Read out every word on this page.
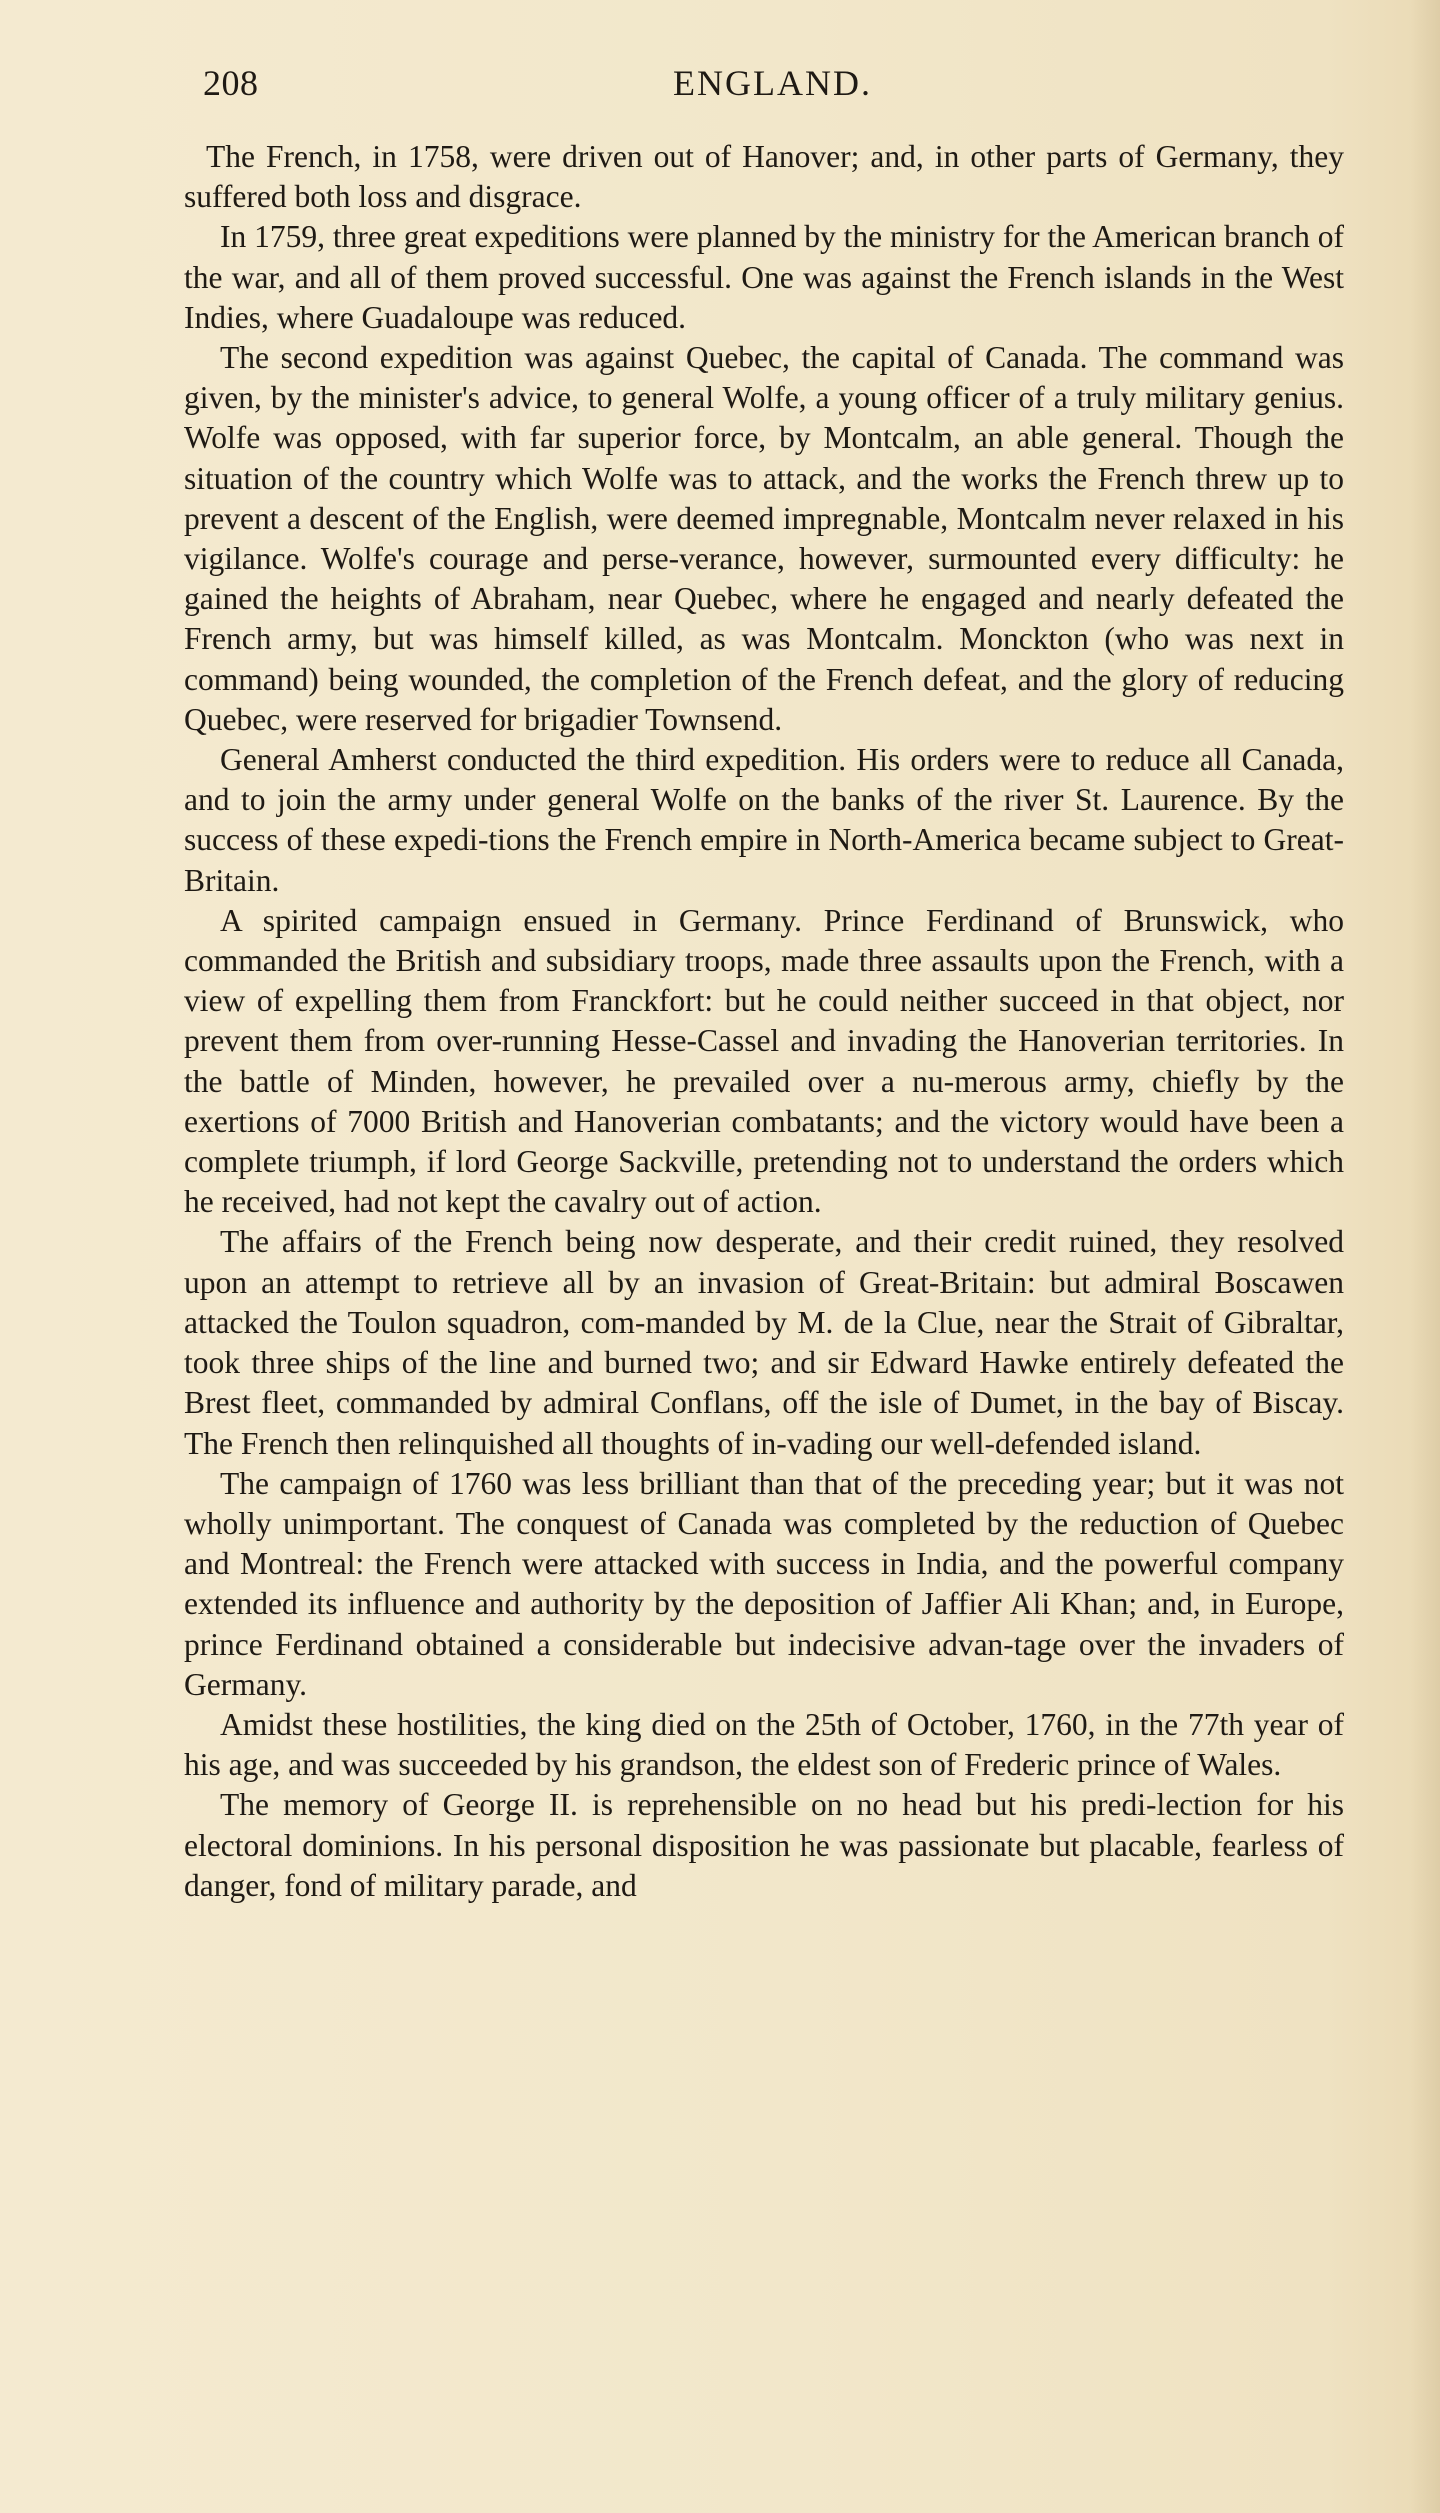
208	ENGLAND.

The French, in 1758, were driven out of Hanover; and, in other parts of Germany, they suffered both loss and disgrace.

In 1759, three great expeditions were planned by the ministry for the American branch of the war, and all of them proved successful. One was against the French islands in the West Indies, where Guadaloupe was reduced.

The second expedition was against Quebec, the capital of Canada. The command was given, by the minister's advice, to general Wolfe, a young officer of a truly military genius. Wolfe was opposed, with far superior force, by Montcalm, an able general. Though the situation of the country which Wolfe was to attack, and the works the French threw up to prevent a descent of the English, were deemed impregnable, Montcalm never relaxed in his vigilance. Wolfe's courage and perse-verance, however, surmounted every difficulty: he gained the heights of Abraham, near Quebec, where he engaged and nearly defeated the French army, but was himself killed, as was Montcalm. Monckton (who was next in command) being wounded, the completion of the French defeat, and the glory of reducing Quebec, were reserved for brigadier Townsend.

General Amherst conducted the third expedition. His orders were to reduce all Canada, and to join the army under general Wolfe on the banks of the river St. Laurence. By the success of these expedi-tions the French empire in North-America became subject to Great-Britain.

A spirited campaign ensued in Germany. Prince Ferdinand of Brunswick, who commanded the British and subsidiary troops, made three assaults upon the French, with a view of expelling them from Franckfort: but he could neither succeed in that object, nor prevent them from over-running Hesse-Cassel and invading the Hanoverian territories. In the battle of Minden, however, he prevailed over a nu-merous army, chiefly by the exertions of 7000 British and Hanoverian combatants; and the victory would have been a complete triumph, if lord George Sackville, pretending not to understand the orders which he received, had not kept the cavalry out of action.

The affairs of the French being now desperate, and their credit ruined, they resolved upon an attempt to retrieve all by an invasion of Great-Britain: but admiral Boscawen attacked the Toulon squadron, com-manded by M. de la Clue, near the Strait of Gibraltar, took three ships of the line and burned two; and sir Edward Hawke entirely defeated the Brest fleet, commanded by admiral Conflans, off the isle of Dumet, in the bay of Biscay. The French then relinquished all thoughts of in-vading our well-defended island.

The campaign of 1760 was less brilliant than that of the preceding year; but it was not wholly unimportant. The conquest of Canada was completed by the reduction of Quebec and Montreal: the French were attacked with success in India, and the powerful company extended its influence and authority by the deposition of Jaffier Ali Khan; and, in Europe, prince Ferdinand obtained a considerable but indecisive advan-tage over the invaders of Germany.

Amidst these hostilities, the king died on the 25th of October, 1760, in the 77th year of his age, and was succeeded by his grandson, the eldest son of Frederic prince of Wales.

The memory of George II. is reprehensible on no head but his predi-lection for his electoral dominions. In his personal disposition he was passionate but placable, fearless of danger, fond of military parade, and
